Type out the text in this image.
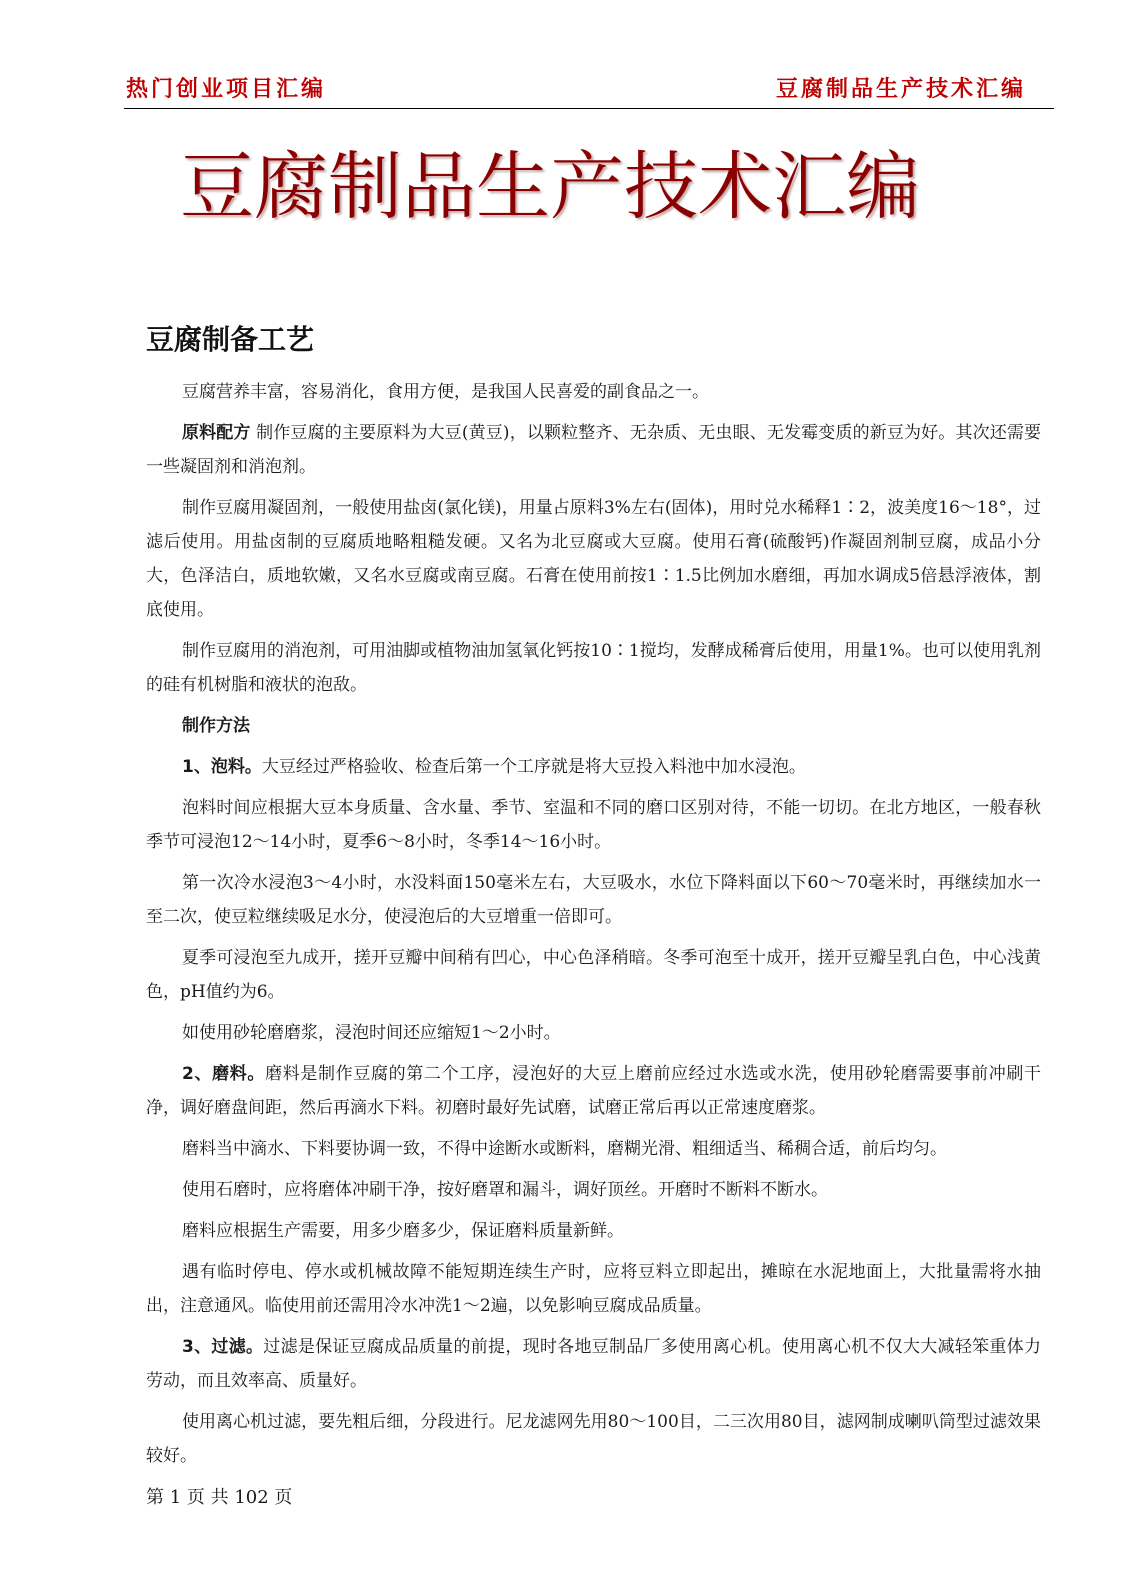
热门创业项目汇编	豆腐制品生产技术汇编
豆腐制品生产技术汇编
豆腐制备工艺

豆腐营养丰富，容易消化，食用方便，是我国人民喜爱的副食品之一。

原料配方 制作豆腐的主要原料为大豆(黄豆)，以颗粒整齐、无杂质、无虫眼、无发霉变质的新豆为好。其次还需要一些凝固剂和消泡剂。

制作豆腐用凝固剂，一般使用盐卤(氯化镁)，用量占原料3%左右(固体)，用时兑水稀释1∶2，波美度16～18°，过滤后使用。用盐卤制的豆腐质地略粗糙发硬。又名为北豆腐或大豆腐。使用石膏(硫酸钙)作凝固剂制豆腐，成品小分大，色泽洁白，质地软嫩，又名水豆腐或南豆腐。石膏在使用前按1∶1.5比例加水磨细，再加水调成5倍悬浮液体，割底使用。

制作豆腐用的消泡剂，可用油脚或植物油加氢氧化钙按10∶1搅均，发酵成稀膏后使用，用量1%。也可以使用乳剂的硅有机树脂和液状的泡敌。

制作方法

1、泡料。大豆经过严格验收、检查后第一个工序就是将大豆投入料池中加水浸泡。

泡料时间应根据大豆本身质量、含水量、季节、室温和不同的磨口区别对待，不能一切切。在北方地区，一般春秋季节可浸泡12～14小时，夏季6～8小时，冬季14～16小时。

第一次冷水浸泡3～4小时，水没料面150毫米左右，大豆吸水，水位下降料面以下60～70毫米时，再继续加水一至二次，使豆粒继续吸足水分，使浸泡后的大豆增重一倍即可。

夏季可浸泡至九成开，搓开豆瓣中间稍有凹心，中心色泽稍暗。冬季可泡至十成开，搓开豆瓣呈乳白色，中心浅黄色，pH值约为6。

如使用砂轮磨磨浆，浸泡时间还应缩短1～2小时。

2、磨料。磨料是制作豆腐的第二个工序，浸泡好的大豆上磨前应经过水选或水洗，使用砂轮磨需要事前冲刷干净，调好磨盘间距，然后再滴水下料。初磨时最好先试磨，试磨正常后再以正常速度磨浆。

磨料当中滴水、下料要协调一致，不得中途断水或断料，磨糊光滑、粗细适当、稀稠合适，前后均匀。

使用石磨时，应将磨体冲刷干净，按好磨罩和漏斗，调好顶丝。开磨时不断料不断水。

磨料应根据生产需要，用多少磨多少，保证磨料质量新鲜。

遇有临时停电、停水或机械故障不能短期连续生产时，应将豆料立即起出，摊晾在水泥地面上，大批量需将水抽出，注意通风。临使用前还需用冷水冲洗1～2遍，以免影响豆腐成品质量。

3、过滤。过滤是保证豆腐成品质量的前提，现时各地豆制品厂多使用离心机。使用离心机不仅大大减轻笨重体力劳动，而且效率高、质量好。

使用离心机过滤，要先粗后细，分段进行。尼龙滤网先用80～100目，二三次用80目，滤网制成喇叭筒型过滤效果较好。

第 1 页 共 102 页
